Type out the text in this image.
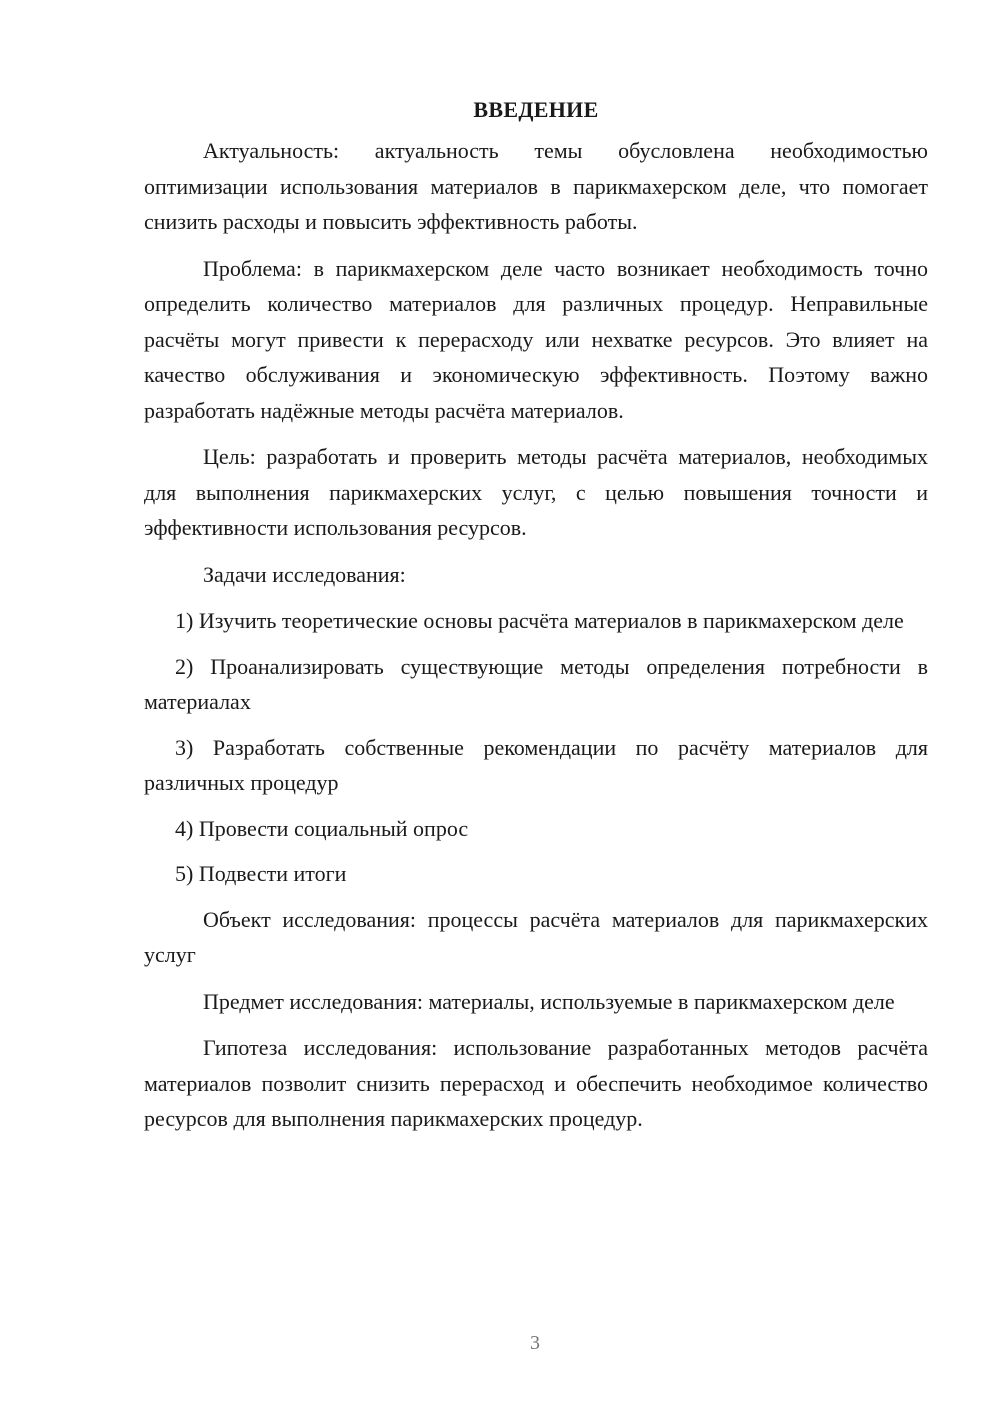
ВВЕДЕНИЕ

Актуальность: актуальность темы обусловлена необходимостью оптимизации использования материалов в парикмахерском деле, что помогает снизить расходы и повысить эффективность работы.

Проблема: в парикмахерском деле часто возникает необходимость точно определить количество материалов для различных процедур. Неправильные расчёты могут привести к перерасходу или нехватке ресурсов. Это влияет на качество обслуживания и экономическую эффективность. Поэтому важно разработать надёжные методы расчёта материалов.

Цель: разработать и проверить методы расчёта материалов, необходимых для выполнения парикмахерских услуг, с целью повышения точности и эффективности использования ресурсов.

Задачи исследования:

1) Изучить теоретические основы расчёта материалов в парикмахерском деле

2) Проанализировать существующие методы определения потребности в материалах

3) Разработать собственные рекомендации по расчёту материалов для различных процедур

4) Провести социальный опрос

5) Подвести итоги

Объект исследования: процессы расчёта материалов для парикмахерских услуг

Предмет исследования: материалы, используемые в парикмахерском деле

Гипотеза исследования: использование разработанных методов расчёта материалов позволит снизить перерасход и обеспечить необходимое количество ресурсов для выполнения парикмахерских процедур.

3
